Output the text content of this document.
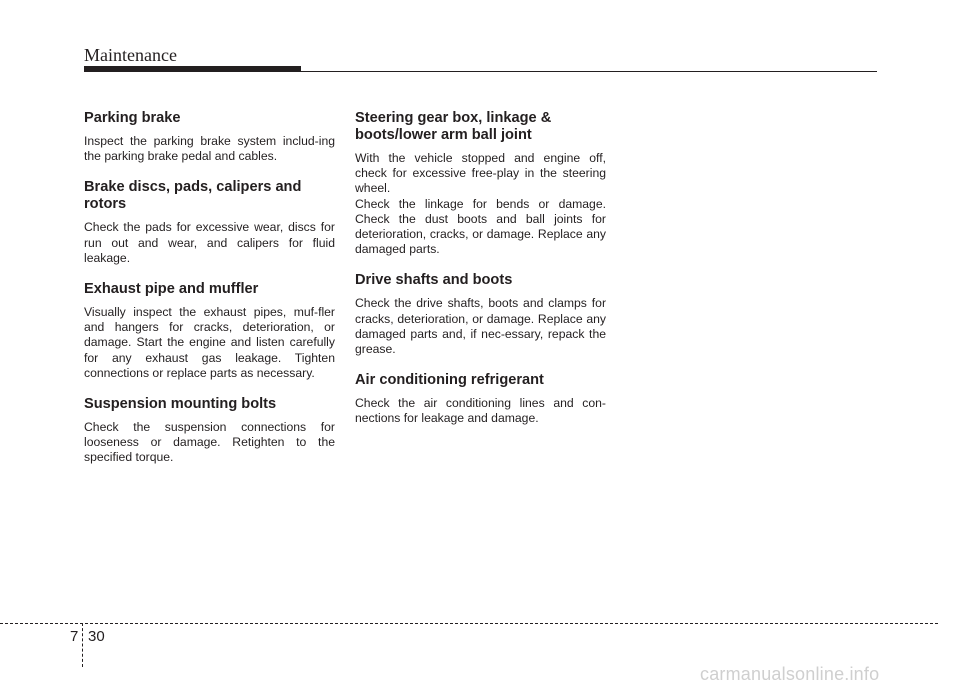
Maintenance
Parking brake

Inspect the parking brake system includ-ing the parking brake pedal and cables.

Brake discs, pads, calipers and rotors

Check the pads for excessive wear, discs for run out and wear, and calipers for fluid leakage.

Exhaust pipe and muffler

Visually inspect the exhaust pipes, muf-fler and hangers for cracks, deterioration, or damage. Start the engine and listen carefully for any exhaust gas leakage. Tighten connections or replace parts as necessary.

Suspension mounting bolts

Check the suspension connections for looseness or damage. Retighten to the specified torque.

Steering gear box, linkage & boots/lower arm ball joint

With the vehicle stopped and engine off, check for excessive free-play in the steering wheel.

Check the linkage for bends or damage. Check the dust boots and ball joints for deterioration, cracks, or damage. Replace any damaged parts.

Drive shafts and boots

Check the drive shafts, boots and clamps for cracks, deterioration, or damage. Replace any damaged parts and, if nec-essary, repack the grease.

Air conditioning refrigerant

Check the air conditioning lines and con-nections for leakage and damage.

7 30
carmanualsonline.info
